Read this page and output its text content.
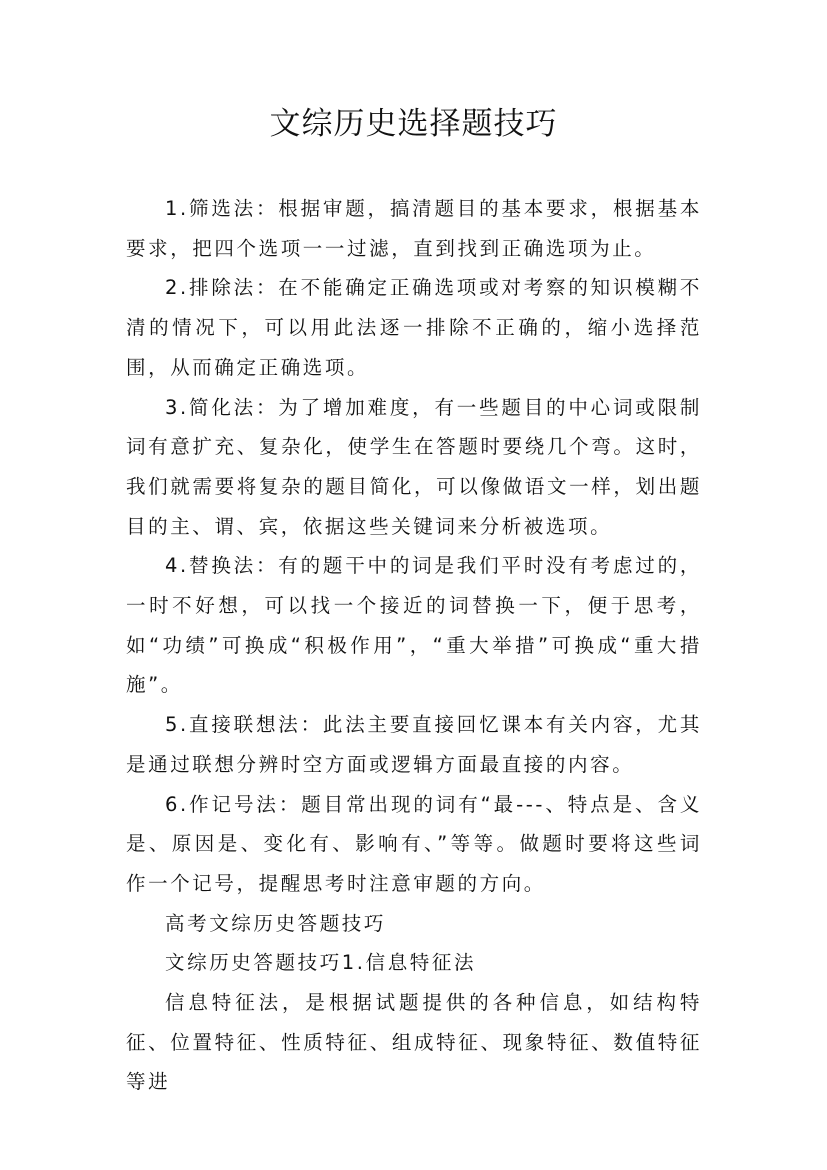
文综历史选择题技巧

1.筛选法：根据审题，搞清题目的基本要求，根据基本要求，把四个选项一一过滤，直到找到正确选项为止。

2.排除法：在不能确定正确选项或对考察的知识模糊不清的情况下，可以用此法逐一排除不正确的，缩小选择范围，从而确定正确选项。

3.简化法：为了增加难度，有一些题目的中心词或限制词有意扩充、复杂化，使学生在答题时要绕几个弯。这时，我们就需要将复杂的题目简化，可以像做语文一样，划出题目的主、谓、宾，依据这些关键词来分析被选项。

4.替换法：有的题干中的词是我们平时没有考虑过的，一时不好想，可以找一个接近的词替换一下，便于思考，如“功绩”可换成“积极作用”，“重大举措”可换成“重大措施”。

5.直接联想法：此法主要直接回忆课本有关内容，尤其是通过联想分辨时空方面或逻辑方面最直接的内容。

6.作记号法：题目常出现的词有“最---、特点是、含义是、原因是、变化有、影响有、”等等。做题时要将这些词作一个记号，提醒思考时注意审题的方向。

高考文综历史答题技巧

文综历史答题技巧1.信息特征法

信息特征法，是根据试题提供的各种信息，如结构特征、位置特征、性质特征、组成特征、现象特征、数值特征等进
